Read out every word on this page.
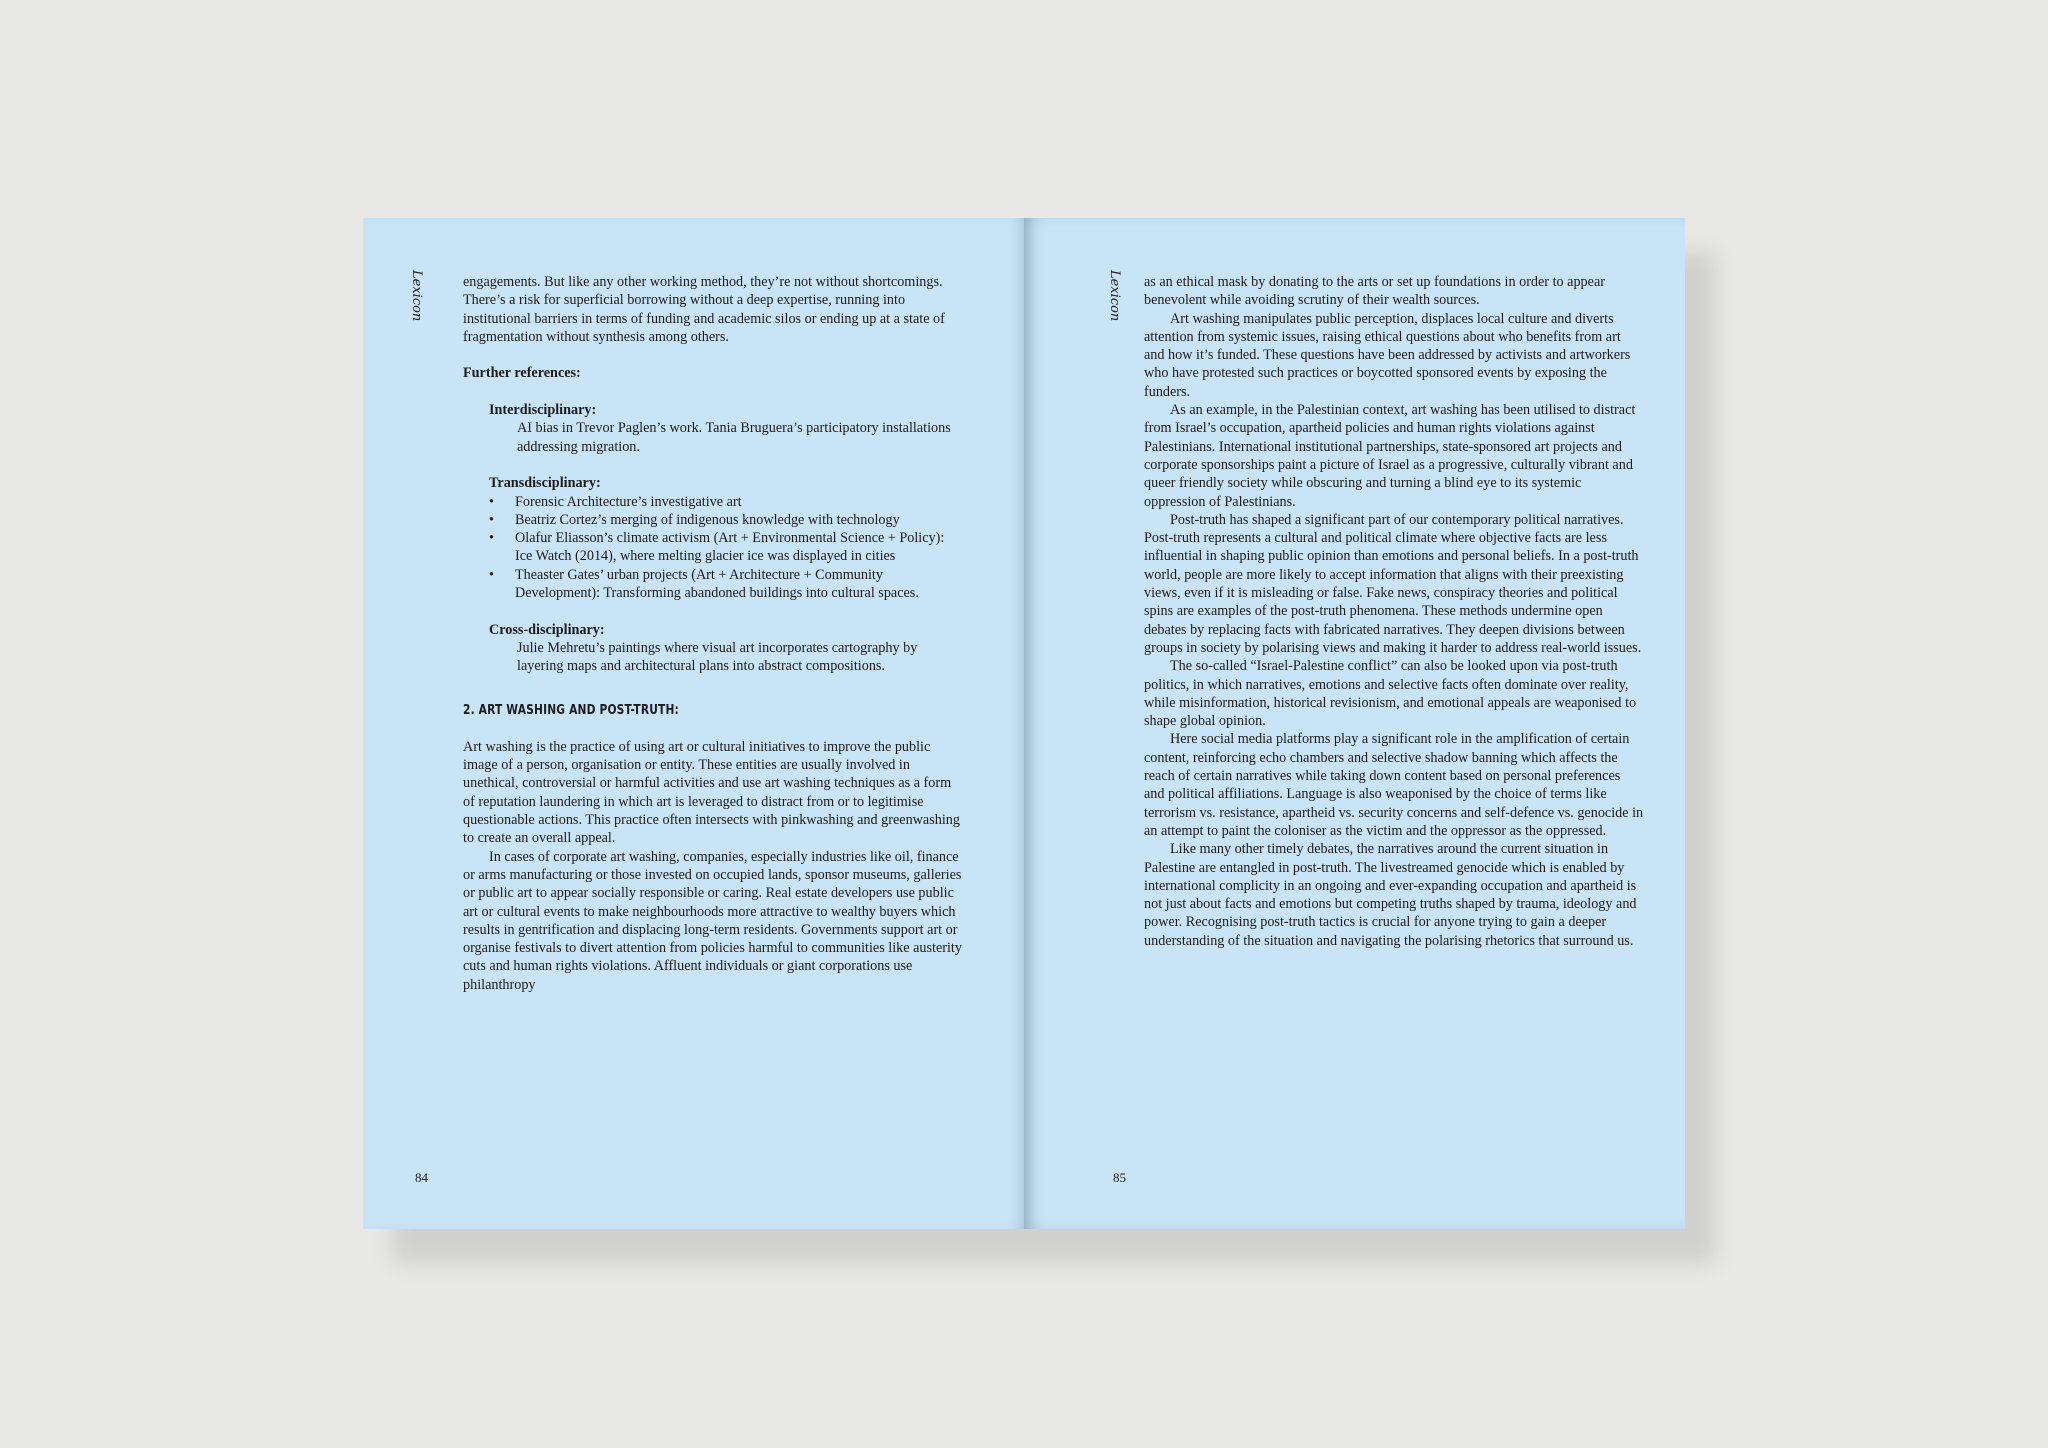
Lexicon	engagements. But like any other working method, they’re not without shortcomings. There’s a risk for superficial borrowing without a deep expertise, running into institutional barriers in terms of funding and academic silos or ending up at a state of fragmentation without synthesis among others.

Further references:

Interdisciplinary:

AI bias in Trevor Paglen’s work. Tania Bruguera’s participatory installations addressing migration.

Transdisciplinary:

• Forensic Architecture’s investigative art
• Beatriz Cortez’s merging of indigenous knowledge with technology
• Olafur Eliasson’s climate activism (Art + Environmental Science + Policy): Ice Watch (2014), where melting glacier ice was displayed in cities
• Theaster Gates’ urban projects (Art + Architecture + Community Development): Transforming abandoned buildings into cultural spaces.

Cross-disciplinary:

Julie Mehretu’s paintings where visual art incorporates cartography by layering maps and architectural plans into abstract compositions.

2. ART WASHING AND POST-TRUTH:

Art washing is the practice of using art or cultural initiatives to improve the public image of a person, organisation or entity. These entities are usually involved in unethical, controversial or harmful activities and use art washing techniques as a form of reputation laundering in which art is leveraged to distract from or to legitimise questionable actions. This practice often intersects with pinkwashing and greenwashing to create an overall appeal.

In cases of corporate art washing, companies, especially industries like oil, finance or arms manufacturing or those invested on occupied lands, sponsor museums, galleries or public art to appear socially responsible or caring. Real estate developers use public art or cultural events to make neighbourhoods more attractive to wealthy buyers which results in gentrification and displacing long-term residents. Governments support art or organise festivals to divert attention from policies harmful to communities like austerity cuts and human rights violations. Affluent individuals or giant corporations use philanthropy

84
Lexicon as an ethical mask by donating to the arts or set up foundations in order to appear benevolent while avoiding scrutiny of their wealth sources.

Art washing manipulates public perception, displaces local culture and diverts attention from systemic issues, raising ethical questions about who benefits from art and how it’s funded. These questions have been addressed by activists and artworkers who have protested such practices or boycotted sponsored events by exposing the funders.

As an example, in the Palestinian context, art washing has been utilised to distract from Israel’s occupation, apartheid policies and human rights violations against Palestinians. International institutional partnerships, state-sponsored art projects and corporate sponsorships paint a picture of Israel as a progressive, culturally vibrant and queer friendly society while obscuring and turning a blind eye to its systemic oppression of Palestinians.

Post-truth has shaped a significant part of our contemporary political narratives. Post-truth represents a cultural and political climate where objective facts are less influential in shaping public opinion than emotions and personal beliefs. In a post-truth world, people are more likely to accept information that aligns with their preexisting views, even if it is misleading or false. Fake news, conspiracy theories and political spins are examples of the post-truth phenomena. These methods undermine open debates by replacing facts with fabricated narratives. They deepen divisions between groups in society by polarising views and making it harder to address real-world issues.

The so-called “Israel-Palestine conflict” can also be looked upon via post-truth politics, in which narratives, emotions and selective facts often dominate over reality, while misinformation, historical revisionism, and emotional appeals are weaponised to shape global opinion.

Here social media platforms play a significant role in the amplification of certain content, reinforcing echo chambers and selective shadow banning which affects the reach of certain narratives while taking down content based on personal preferences and political affiliations. Language is also weaponised by the choice of terms like terrorism vs. resistance, apartheid vs. security concerns and self-defence vs. genocide in an attempt to paint the coloniser as the victim and the oppressor as the oppressed.

Like many other timely debates, the narratives around the current situation in Palestine are entangled in post-truth. The livestreamed genocide which is enabled by international complicity in an ongoing and ever-expanding occupation and apartheid is not just about facts and emotions but competing truths shaped by trauma, ideology and power. Recognising post-truth tactics is crucial for anyone trying to gain a deeper understanding of the situation and navigating the polarising rhetorics that surround us.

85
